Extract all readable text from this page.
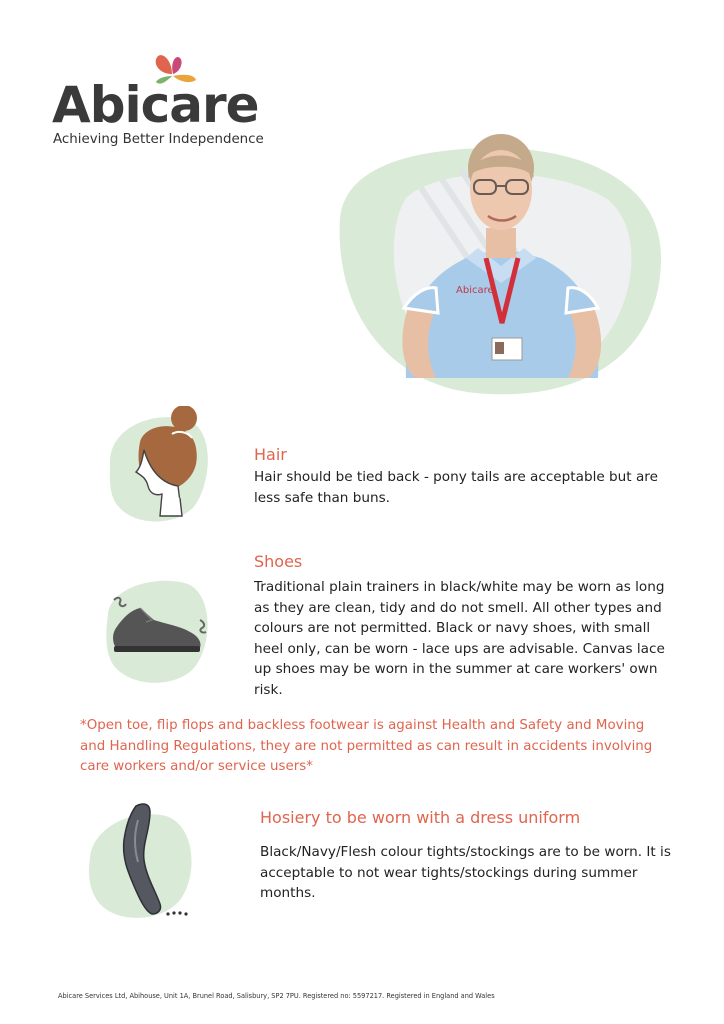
Abicare
Achieving Better Independence
Abicare
Hair
Hair should be tied back - pony tails are acceptable but are
less safe than buns.
Shoes
Traditional plain trainers in black/white may be worn as long
as they are clean, tidy and do not smell. All other types and
colours are not permitted. Black or navy shoes, with small
heel only, can be worn - lace ups are advisable. Canvas lace
up shoes may be worn in the summer at care workers' own
risk.
*Open toe, flip flops and backless footwear is against Health and Safety and Moving
and Handling Regulations, they are not permitted as can result in accidents involving
care workers and/or service users*
Hosiery to be worn with a dress uniform
Black/Navy/Flesh colour tights/stockings are to be worn. It is
acceptable to not wear tights/stockings during summer
months.
Abicare Services Ltd, Abihouse, Unit 1A, Brunel Road, Salisbury, SP2 7PU. Registered no: 5597217. Registered in England and Wales
